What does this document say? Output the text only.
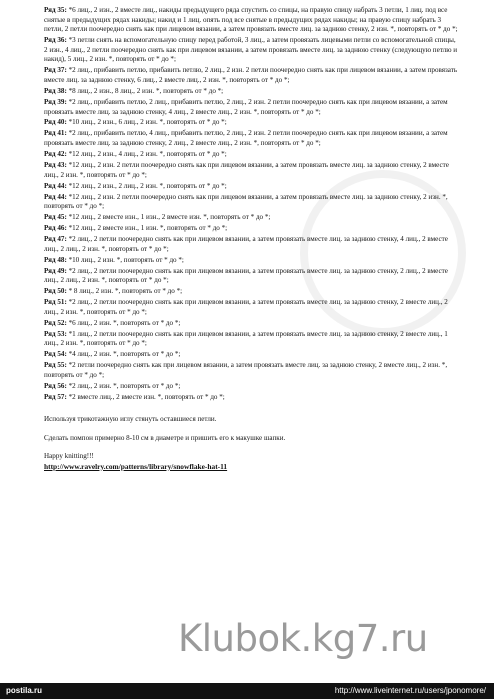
Ряд 35: *6 лиц., 2 изн., 2 вместе лиц., накиды предыдущего ряда спустить со спицы, на правую спицу набрать 3 петли, 1 лиц. под все снятые в предыдущих рядах накиды; накид и 1 лиц. опять под все снятые в предыдущих рядах накиды; на правую спицу набрать 3 петли, 2 петли поочередно снять как при лицевом вязании, а затем провязать вместе лиц. за заднюю стенку, 2 изн. *, повторять от * до *;
Ряд 36: *3 петли снять на вспомогательную спицу перед работой, 3 лиц., а затем провязать лицевыми петли со вспомогательной спицы, 2 изн., 4 лиц., 2 петли поочередно снять как при лицевом вязании, а затем провязать вместе лиц. за заднюю стенку (следующую петлю и накид), 5 лиц., 2 изн. *, повторять от * до *;
Ряд 37: *2 лиц., прибавить петлю, прибавить петлю, 2 лиц., 2 изн. 2 петли поочередно снять как при лицевом вязании, а затем провязать вместе лиц. за заднюю стенку, 6 лиц., 2 вместе лиц., 2 изн. *, повторять от * до *;
Ряд 38: *8 лиц., 2 изн., 8 лиц., 2 изн. *, повторять от * до *;
Ряд 39: *2 лиц., прибавить петлю, 2 лиц., прибавить петлю, 2 лиц., 2 изн. 2 петли поочередно снять как при лицевом вязании, а затем провязать вместе лиц. за заднюю стенку, 4 лиц., 2 вместе лиц., 2 изн. *, повторять от * до *;
Ряд 40: *10 лиц., 2 изн., 6 лиц., 2 изн. *, повторять от * до *;
Ряд 41: *2 лиц., прибавить петлю, 4 лиц., прибавить петлю, 2 лиц., 2 изн. 2 петли поочередно снять как при лицевом вязании, а затем провязать вместе лиц. за заднюю стенку, 2 лиц., 2 вместе лиц., 2 изн. *, повторять от * до *;
Ряд 42: *12 лиц., 2 изн., 4 лиц., 2 изн. *, повторять от * до *;
Ряд 43: *12 лиц., 2 изн. 2 петли поочередно снять как при лицевом вязании, а затем провязать вместе лиц. за заднюю стенку, 2 вместе лиц., 2 изн. *, повторять от * до *;
Ряд 44: *12 лиц., 2 изн., 2 лиц., 2 изн. *, повторять от * до *;
Ряд 44: *12 лиц., 2 изн. 2 петли поочередно снять как при лицевом вязании, а затем провязать вместе лиц. за заднюю стенку, 2 изн. *, повторять от * до *;
Ряд 45: *12 лиц., 2 вместе изн., 1 изн., 2 вместе изн. *, повторять от * до *;
Ряд 46: *12 лиц., 2 вместе изн., 1 изн. *, повторять от * до *;
Ряд 47: *2 лиц., 2 петли поочередно снять как при лицевом вязании, а затем провязать вместе лиц. за заднюю стенку, 4 лиц., 2 вместе лиц., 2 лиц., 2 изн. *, повторять от * до *;
Ряд 48: *10 лиц., 2 изн. *, повторять от * до *;
Ряд 49: *2 лиц., 2 петли поочередно снять как при лицевом вязании, а затем провязать вместе лиц. за заднюю стенку, 2 лиц., 2 вместе лиц., 2 лиц., 2 изн. *, повторять от * до *;
Ряд 50: * 8 лиц., 2 изн. *, повторять от * до *;
Ряд 51: *2 лиц., 2 петли поочередно снять как при лицевом вязании, а затем провязать вместе лиц. за заднюю стенку, 2 вместе лиц., 2 лиц., 2 изн. *, повторять от * до *;
Ряд 52: *6 лиц., 2 изн. *, повторять от * до *;
Ряд 53: *1 лиц., 2 петли поочередно снять как при лицевом вязании, а затем провязать вместе лиц. за заднюю стенку, 2 вместе лиц., 1 лиц., 2 изн. *, повторять от * до *;
Ряд 54: *4 лиц., 2 изн. *, повторять от * до *;
Ряд 55: *2 петли поочередно снять как при лицевом вязании, а затем провязать вместе лиц. за заднюю стенку, 2 вместе лиц., 2 изн. *, повторять от * до *;
Ряд 56: *2 лиц., 2 изн. *, повторять от * до *;
Ряд 57: *2 вместе лиц., 2 вместе изн. *, повторять от * до *;

Используя трикотажную иглу стянуть оставшиеся петли.

Сделать помпон примерно 8-10 см в диаметре и пришить его к макушке шапки.

Happy knitting!!!
http://www.ravelry.com/patterns/library/snowflake-hat-11
Klubok.kg7.ru
postila.ru	http://www.liveinternet.ru/users/jponomore/
